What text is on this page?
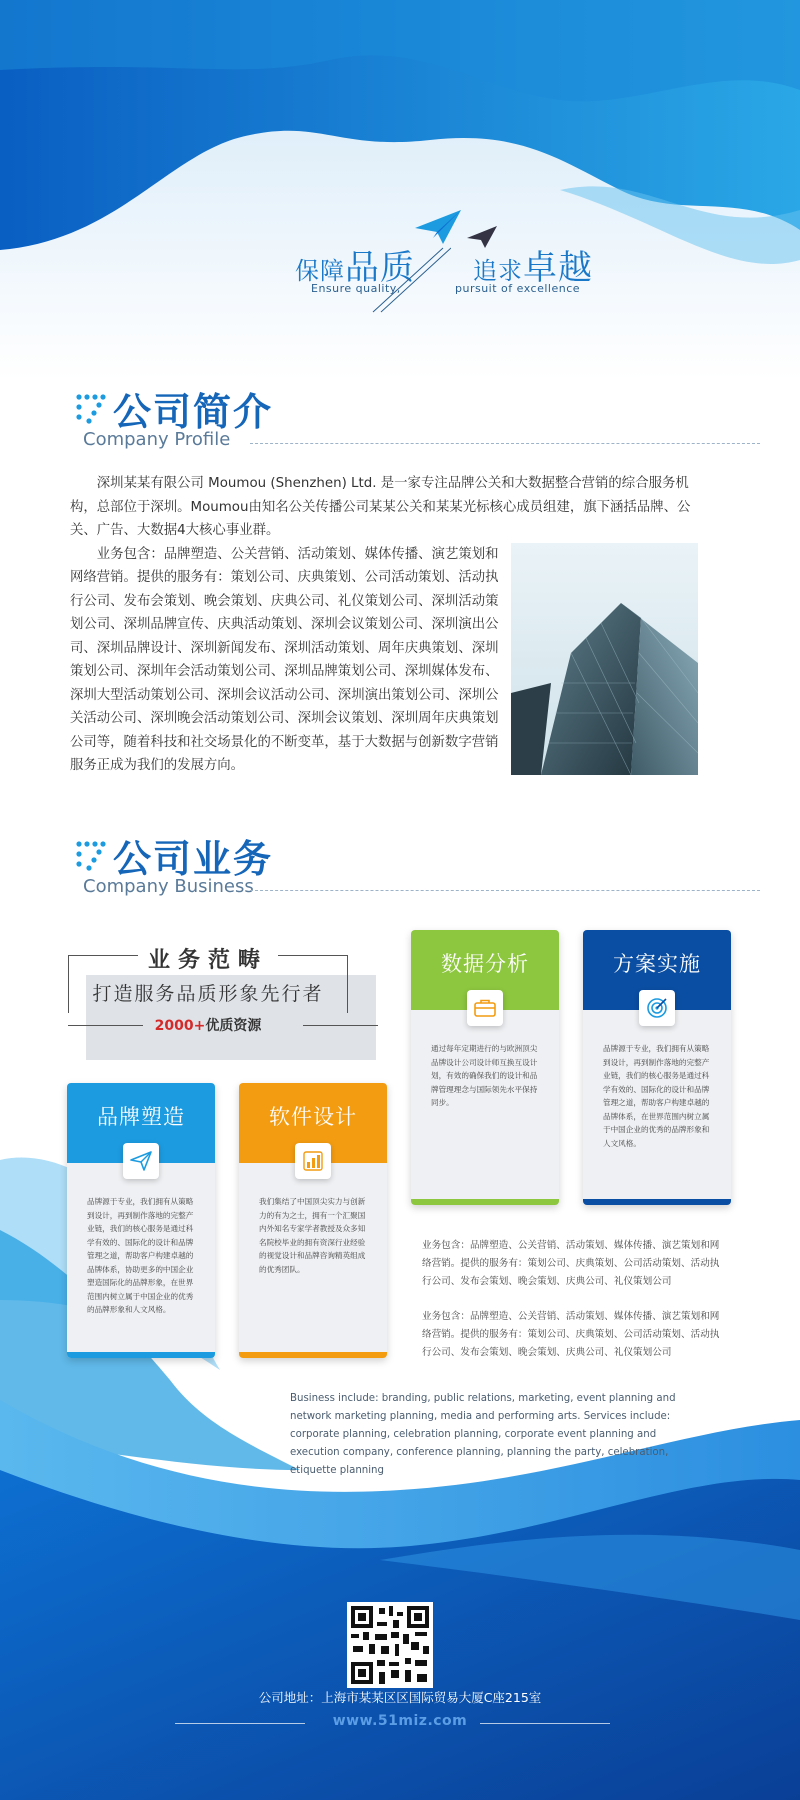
保障品质 追求卓越
Ensure quality,	pursuit of excellence
公司简介
Company Profile

深圳某某有限公司 Moumou (Shenzhen) Ltd. 是一家专注品牌公关和大数据整合营销的综合服务机构，总部位于深圳。Moumou由知名公关传播公司某某公关和某某光标核心成员组建，旗下涵括品牌、公关、广告、大数据4大核心事业群。

业务包含：品牌塑造、公关营销、活动策划、媒体传播、演艺策划和网络营销。提供的服务有：策划公司、庆典策划、公司活动策划、活动执行公司、发布会策划、晚会策划、庆典公司、礼仪策划公司、深圳活动策划公司、深圳品牌宣传、庆典活动策划、深圳会议策划公司、深圳演出公司、深圳品牌设计、深圳新闻发布、深圳活动策划、周年庆典策划、深圳策划公司、深圳年会活动策划公司、深圳品牌策划公司、深圳媒体发布、深圳大型活动策划公司、深圳会议活动公司、深圳演出策划公司、深圳公关活动公司、深圳晚会活动策划公司、深圳会议策划、深圳周年庆典策划公司等，随着科技和社交场景化的不断变革，基于大数据与创新数字营销服务正成为我们的发展方向。

公司业务
Company Business
业务范畴
打造服务品质形象先行者
2000+优质资源
数据分析
通过每年定期进行的与欧洲顶尖品牌设计公司设计师互换互设计划，有效的确保我们的设计和品牌管理理念与国际领先水平保持同步。
方案实施
品牌源于专业，我们拥有从策略到设计，再到制作落地的完整产业链，我们的核心服务是通过科学有效的、国际化的设计和品牌管理之道，帮助客户构建卓越的品牌体系，在世界范围内树立属于中国企业的优秀的品牌形象和人文风格。
品牌塑造
品牌源于专业，我们拥有从策略到设计，再到制作落地的完整产业链，我们的核心服务是通过科学有效的、国际化的设计和品牌管理之道，帮助客户构建卓越的品牌体系，协助更多的中国企业塑造国际化的品牌形象，在世界范围内树立属于中国企业的优秀的品牌形象和人文风格。
软件设计
我们集结了中国顶尖实力与创新力的有为之士，拥有一个汇聚国内外知名专家学者教授及众多知名院校毕业的拥有资深行业经验的视觉设计和品牌咨询精英组成的优秀团队。

业务包含：品牌塑造、公关营销、活动策划、媒体传播、演艺策划和网络营销。提供的服务有：策划公司、庆典策划、公司活动策划、活动执行公司、发布会策划、晚会策划、庆典公司、礼仪策划公司

业务包含：品牌塑造、公关营销、活动策划、媒体传播、演艺策划和网络营销。提供的服务有：策划公司、庆典策划、公司活动策划、活动执行公司、发布会策划、晚会策划、庆典公司、礼仪策划公司

Business include: branding, public relations, marketing, event planning and network marketing planning, media and performing arts. Services include: corporate planning, celebration planning, corporate event planning and execution company, conference planning, planning the party, celebration, etiquette planning
公司地址：上海市某某区区国际贸易大厦C座215室
www.51miz.com
